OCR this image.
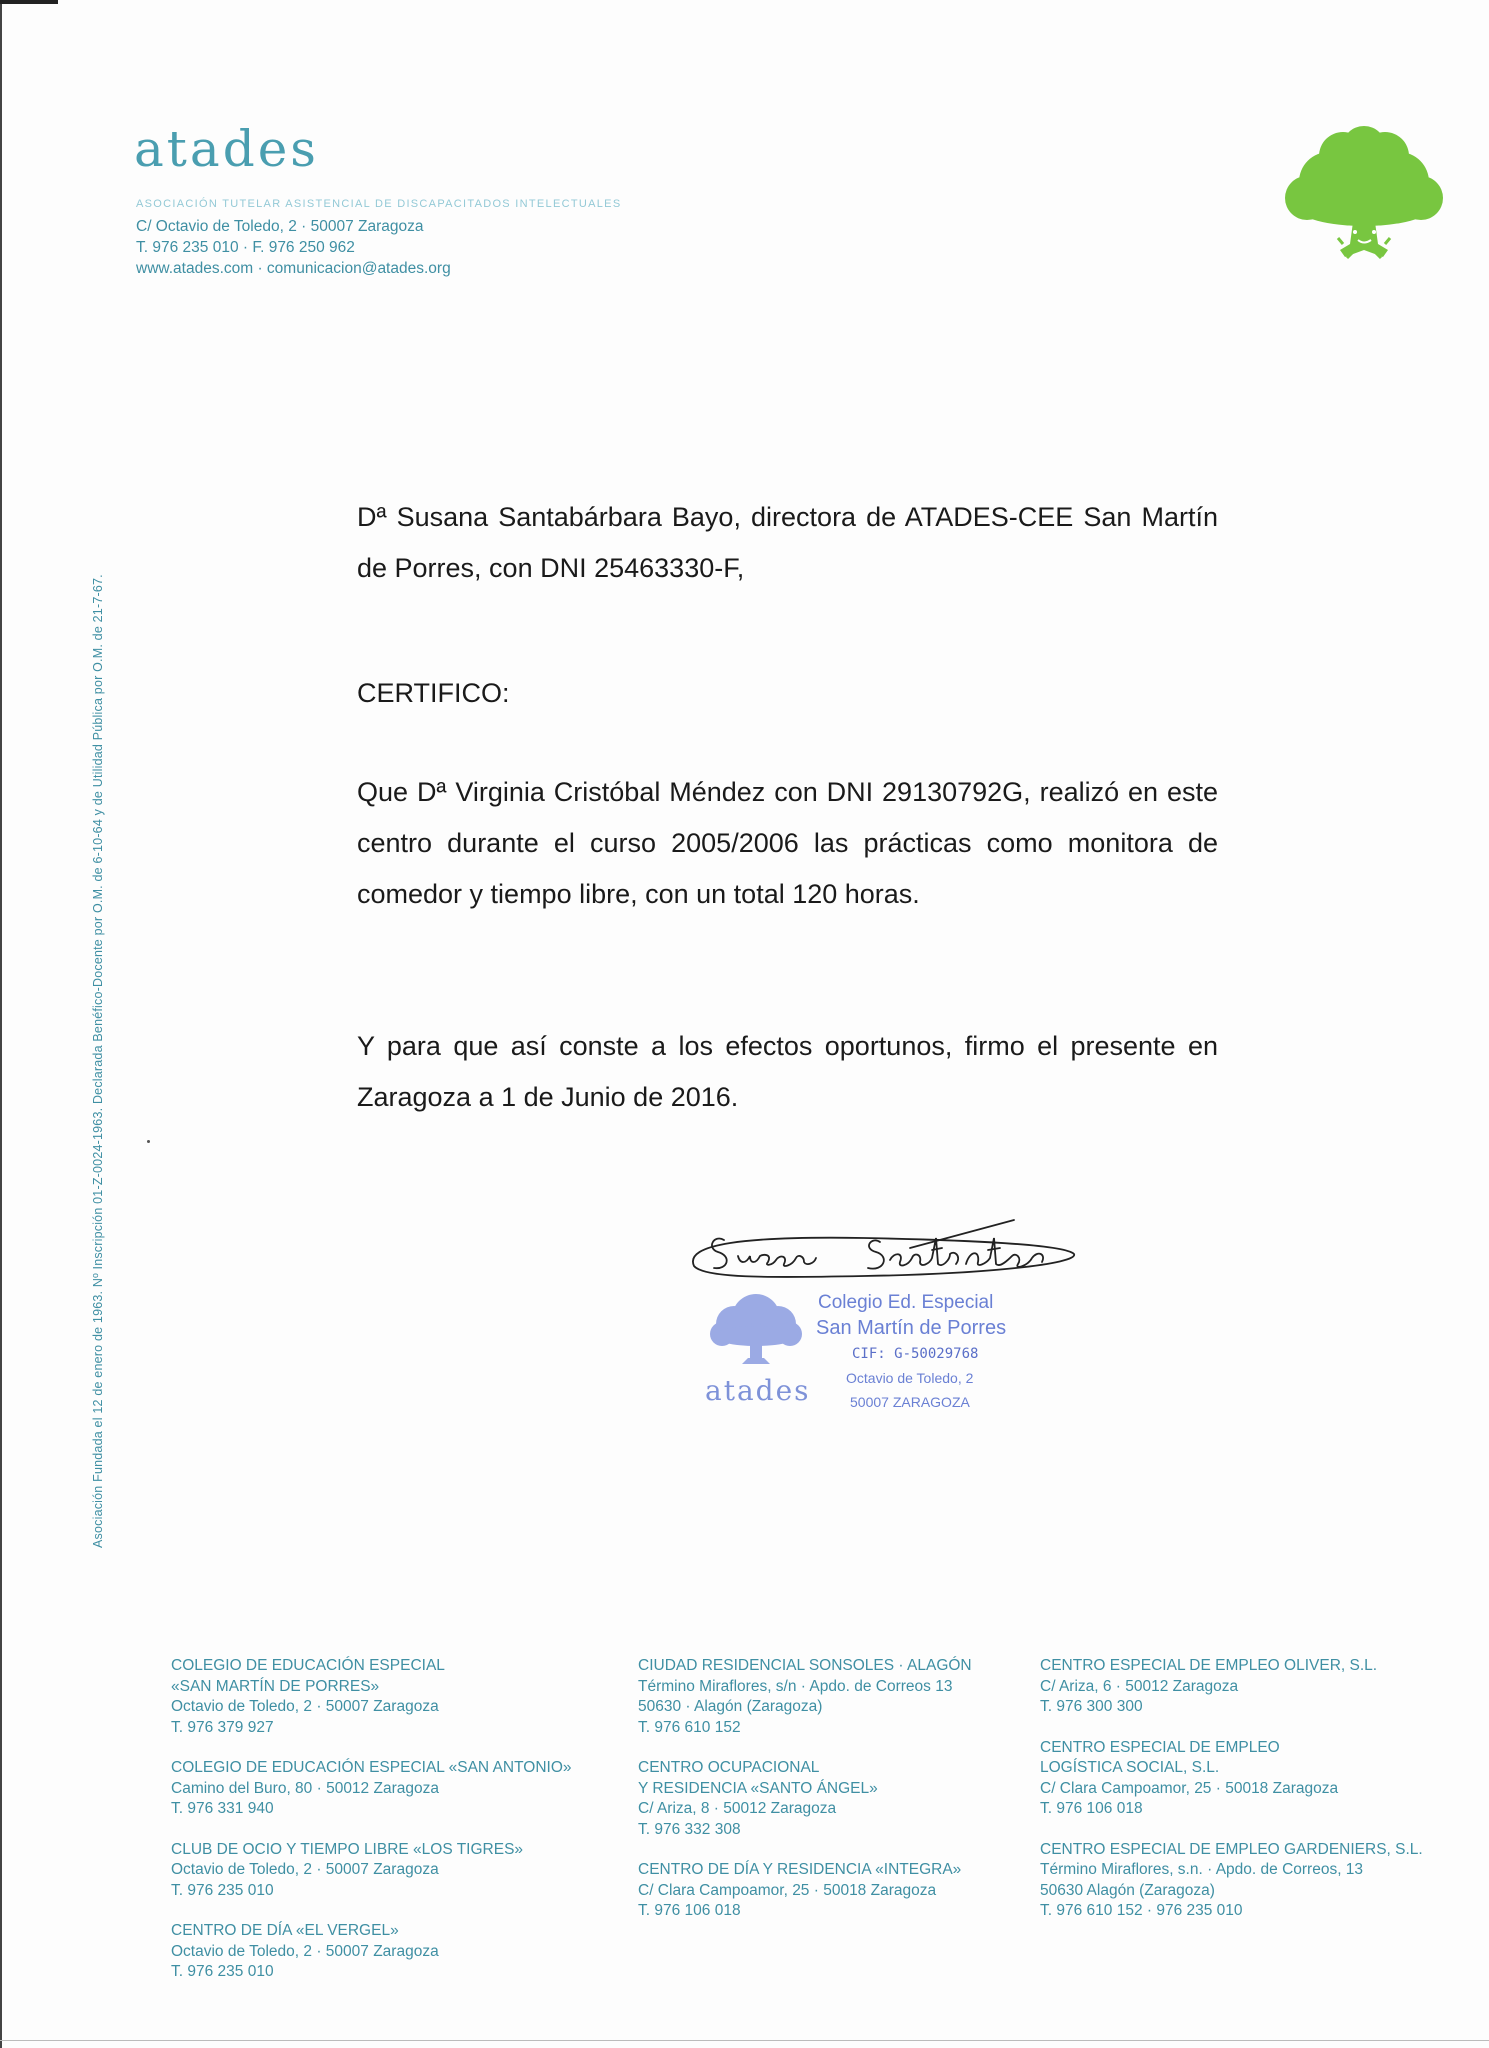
atades
ASOCIACIÓN TUTELAR ASISTENCIAL DE DISCAPACITADOS INTELECTUALES
C/ Octavio de Toledo, 2 · 50007 Zaragoza
T. 976 235 010 · F. 976 250 962
www.atades.com · comunicacion@atades.org
Asociación Fundada el 12 de enero de 1963. Nº Inscripción 01-Z-0024-1963. Declarada Benéfico-Docente por O.M. de 6-10-64 y de Utilidad Pública por O.M. de 21-7-67.
Dª Susana Santabárbara Bayo, directora de ATADES-CEE San Martín de Porres, con DNI 25463330-F,
CERTIFICO:
Que Dª Virginia Cristóbal Méndez con DNI 29130792G, realizó en este centro durante el curso 2005/2006 las prácticas como monitora de comedor y tiempo libre, con un total 120 horas.
Y para que así conste a los efectos oportunos, firmo el presente en Zaragoza a 1 de Junio de 2016.
atades
Colegio Ed. Especial
San Martín de Porres
CIF: G-50029768
Octavio de Toledo, 2
50007 ZARAGOZA
COLEGIO DE EDUCACIÓN ESPECIAL
«SAN MARTÍN DE PORRES»
Octavio de Toledo, 2 · 50007 Zaragoza
T. 976 379 927
COLEGIO DE EDUCACIÓN ESPECIAL «SAN ANTONIO»
Camino del Buro, 80 · 50012 Zaragoza
T. 976 331 940
CLUB DE OCIO Y TIEMPO LIBRE «LOS TIGRES»
Octavio de Toledo, 2 · 50007 Zaragoza
T. 976 235 010
CENTRO DE DÍA «EL VERGEL»
Octavio de Toledo, 2 · 50007 Zaragoza
T. 976 235 010
CIUDAD RESIDENCIAL SONSOLES · ALAGÓN
Término Miraflores, s/n · Apdo. de Correos 13
50630 · Alagón (Zaragoza)
T. 976 610 152
CENTRO OCUPACIONAL
Y RESIDENCIA «SANTO ÁNGEL»
C/ Ariza, 8 · 50012 Zaragoza
T. 976 332 308
CENTRO DE DÍA Y RESIDENCIA «INTEGRA»
C/ Clara Campoamor, 25 · 50018 Zaragoza
T. 976 106 018
CENTRO ESPECIAL DE EMPLEO OLIVER, S.L.
C/ Ariza, 6 · 50012 Zaragoza
T. 976 300 300
CENTRO ESPECIAL DE EMPLEO
LOGÍSTICA SOCIAL, S.L.
C/ Clara Campoamor, 25 · 50018 Zaragoza
T. 976 106 018
CENTRO ESPECIAL DE EMPLEO GARDENIERS, S.L.
Término Miraflores, s.n. · Apdo. de Correos, 13
50630 Alagón (Zaragoza)
T. 976 610 152 · 976 235 010
